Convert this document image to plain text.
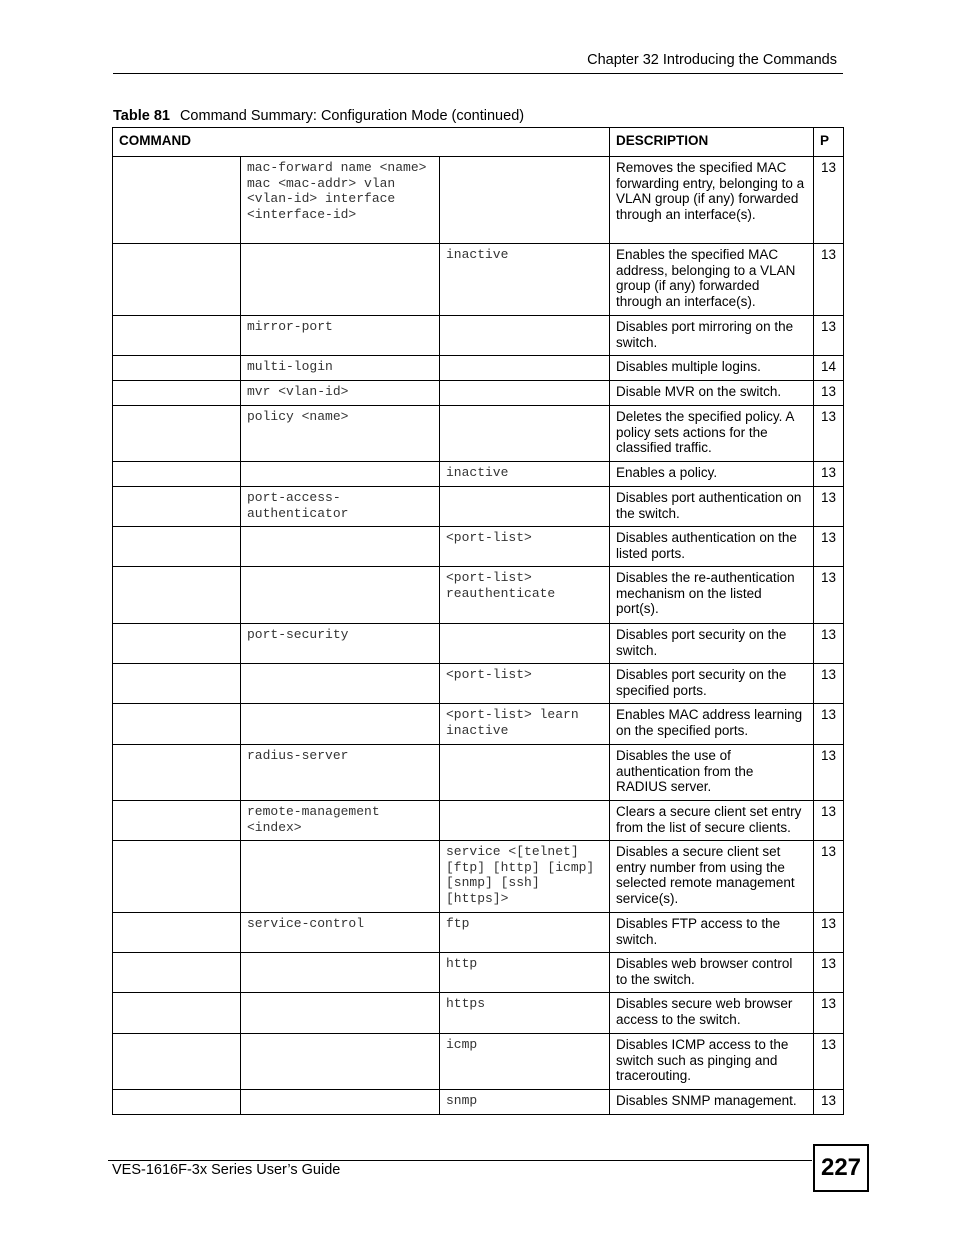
Chapter 32 Introducing the Commands
Table 81 Command Summary: Configuration Mode (continued)
COMMAND			DESCRIPTION	P
	mac-forward name <name> mac <mac-addr> vlan <vlan-id> interface <interface-id>		Removes the specified MAC forwarding entry, belonging to a VLAN group (if any) forwarded through an interface(s).	13
		inactive	Enables the specified MAC address, belonging to a VLAN group (if any) forwarded through an interface(s).	13
	mirror-port		Disables port mirroring on the switch.	13
	multi-login		Disables multiple logins.	14
	mvr <vlan-id>		Disable MVR on the switch.	13
	policy <name>		Deletes the specified policy. A policy sets actions for the classified traffic.	13
		inactive	Enables a policy.	13
	port-access-authenticator		Disables port authentication on the switch.	13
		<port-list>	Disables authentication on the listed ports.	13
		<port-list> reauthenticate	Disables the re-authentication mechanism on the listed port(s).	13
	port-security		Disables port security on the switch.	13
		<port-list>	Disables port security on the specified ports.	13
		<port-list> learn inactive	Enables MAC address learning on the specified ports.	13
	radius-server		Disables the use of authentication from the RADIUS server.	13
	remote-management <index>		Clears a secure client set entry from the list of secure clients.	13
		service <[telnet] [ftp] [http] [icmp] [snmp] [ssh] [https]>	Disables a secure client set entry number from using the selected remote management service(s).	13
	service-control	ftp	Disables FTP access to the switch.	13
		http	Disables web browser control to the switch.	13
		https	Disables secure web browser access to the switch.	13
		icmp	Disables ICMP access to the switch such as pinging and tracerouting.	13
		snmp	Disables SNMP management.	13
VES-1616F-3x Series User’s Guide	227
